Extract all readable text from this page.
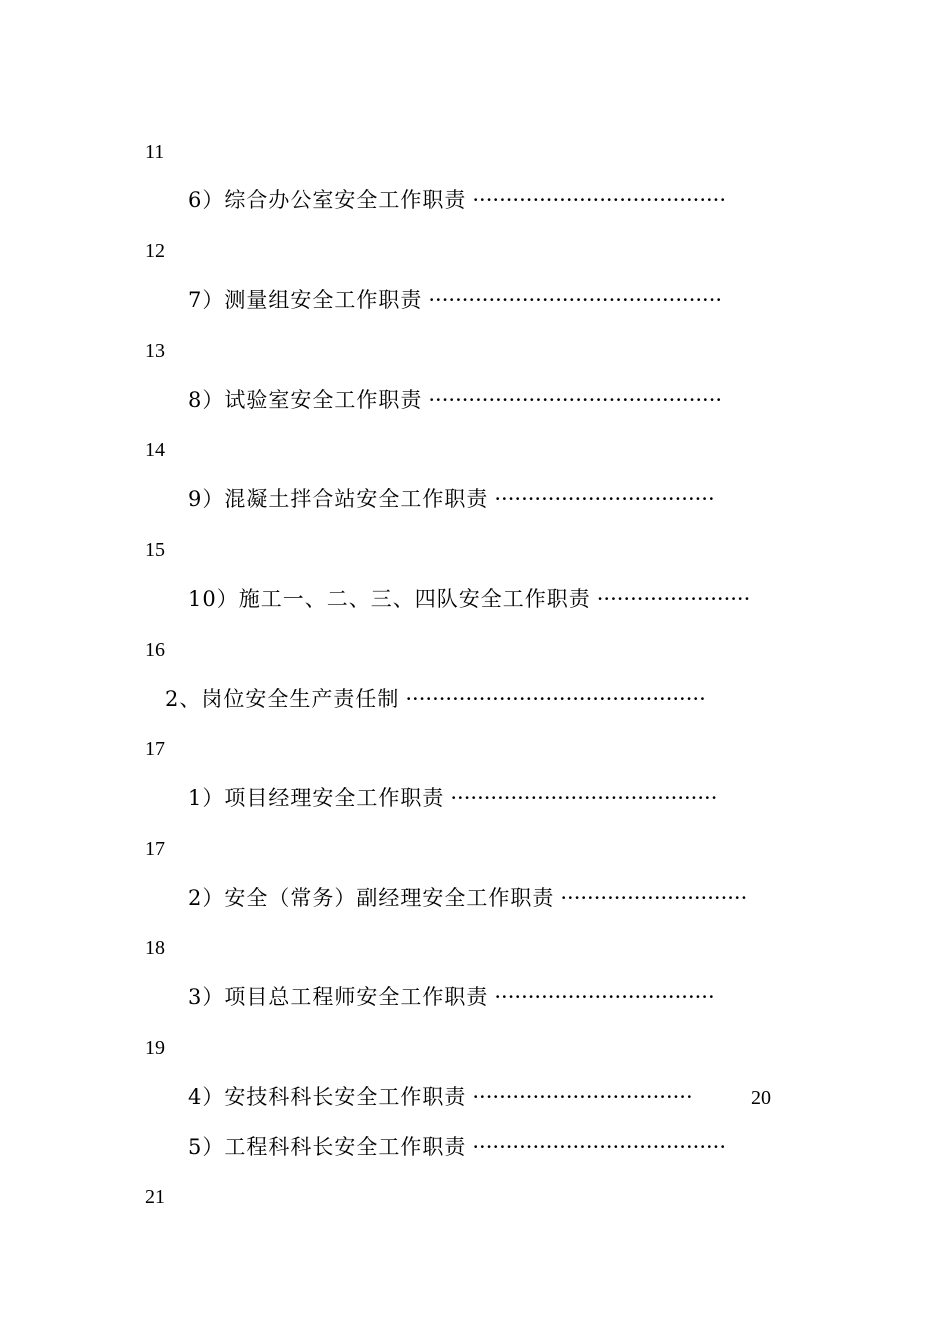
11
6）综合办公室安全工作职责 ······································
12
7）测量组安全工作职责 ············································
13
8）试验室安全工作职责 ············································
14
9）混凝土拌合站安全工作职责 ·································
15
10）施工一、二、三、四队安全工作职责 ·······················
16
2、岗位安全生产责任制 ·············································
17
1）项目经理安全工作职责 ········································
17
2）安全（常务）副经理安全工作职责 ····························
18
3）项目总工程师安全工作职责 ·································
19
4）安技科科长安全工作职责 ·································	20
5）工程科科长安全工作职责 ······································
21
